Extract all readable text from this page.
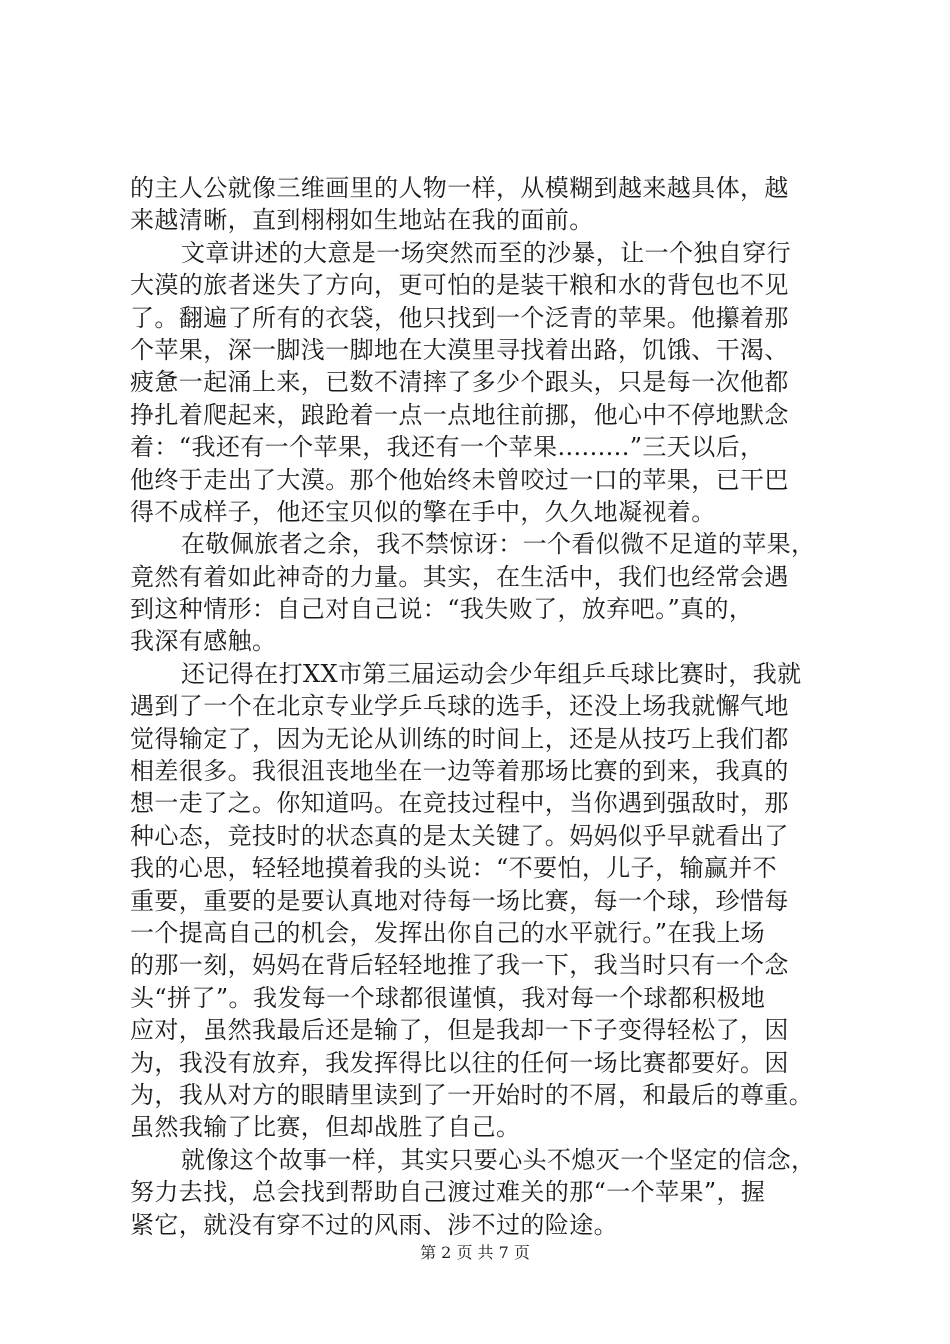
的主人公就像三维画里的人物一样，从模糊到越来越具体，越
来越清晰，直到栩栩如生地站在我的面前。
文章讲述的大意是一场突然而至的沙暴，让一个独自穿行
大漠的旅者迷失了方向，更可怕的是装干粮和水的背包也不见
了。翻遍了所有的衣袋，他只找到一个泛青的苹果。他攥着那
个苹果，深一脚浅一脚地在大漠里寻找着出路，饥饿、干渴、
疲惫一起涌上来，已数不清摔了多少个跟头，只是每一次他都
挣扎着爬起来，踉跄着一点一点地往前挪，他心中不停地默念
着：“我还有一个苹果，我还有一个苹果.........”三天以后，
他终于走出了大漠。那个他始终未曾咬过一口的苹果，已干巴
得不成样子，他还宝贝似的擎在手中，久久地凝视着。
在敬佩旅者之余，我不禁惊讶：一个看似微不足道的苹果，
竟然有着如此神奇的力量。其实，在生活中，我们也经常会遇
到这种情形：自己对自己说：“我失败了，放弃吧。”真的，
我深有感触。
还记得在打XX市第三届运动会少年组乒乓球比赛时，我就
遇到了一个在北京专业学乒乓球的选手，还没上场我就懈气地
觉得输定了，因为无论从训练的时间上，还是从技巧上我们都
相差很多。我很沮丧地坐在一边等着那场比赛的到来，我真的
想一走了之。你知道吗。在竞技过程中，当你遇到强敌时，那
种心态，竞技时的状态真的是太关键了。妈妈似乎早就看出了
我的心思，轻轻地摸着我的头说：“不要怕，儿子，输赢并不
重要，重要的是要认真地对待每一场比赛，每一个球，珍惜每
一个提高自己的机会，发挥出你自己的水平就行。”在我上场
的那一刻，妈妈在背后轻轻地推了我一下，我当时只有一个念
头“拼了”。我发每一个球都很谨慎，我对每一个球都积极地
应对，虽然我最后还是输了，但是我却一下子变得轻松了，因
为，我没有放弃，我发挥得比以往的任何一场比赛都要好。因
为，我从对方的眼睛里读到了一开始时的不屑，和最后的尊重。
虽然我输了比赛，但却战胜了自己。
就像这个故事一样，其实只要心头不熄灭一个坚定的信念，
努力去找，总会找到帮助自己渡过难关的那“一个苹果”，握
紧它，就没有穿不过的风雨、涉不过的险途。
第 2 页 共 7 页
